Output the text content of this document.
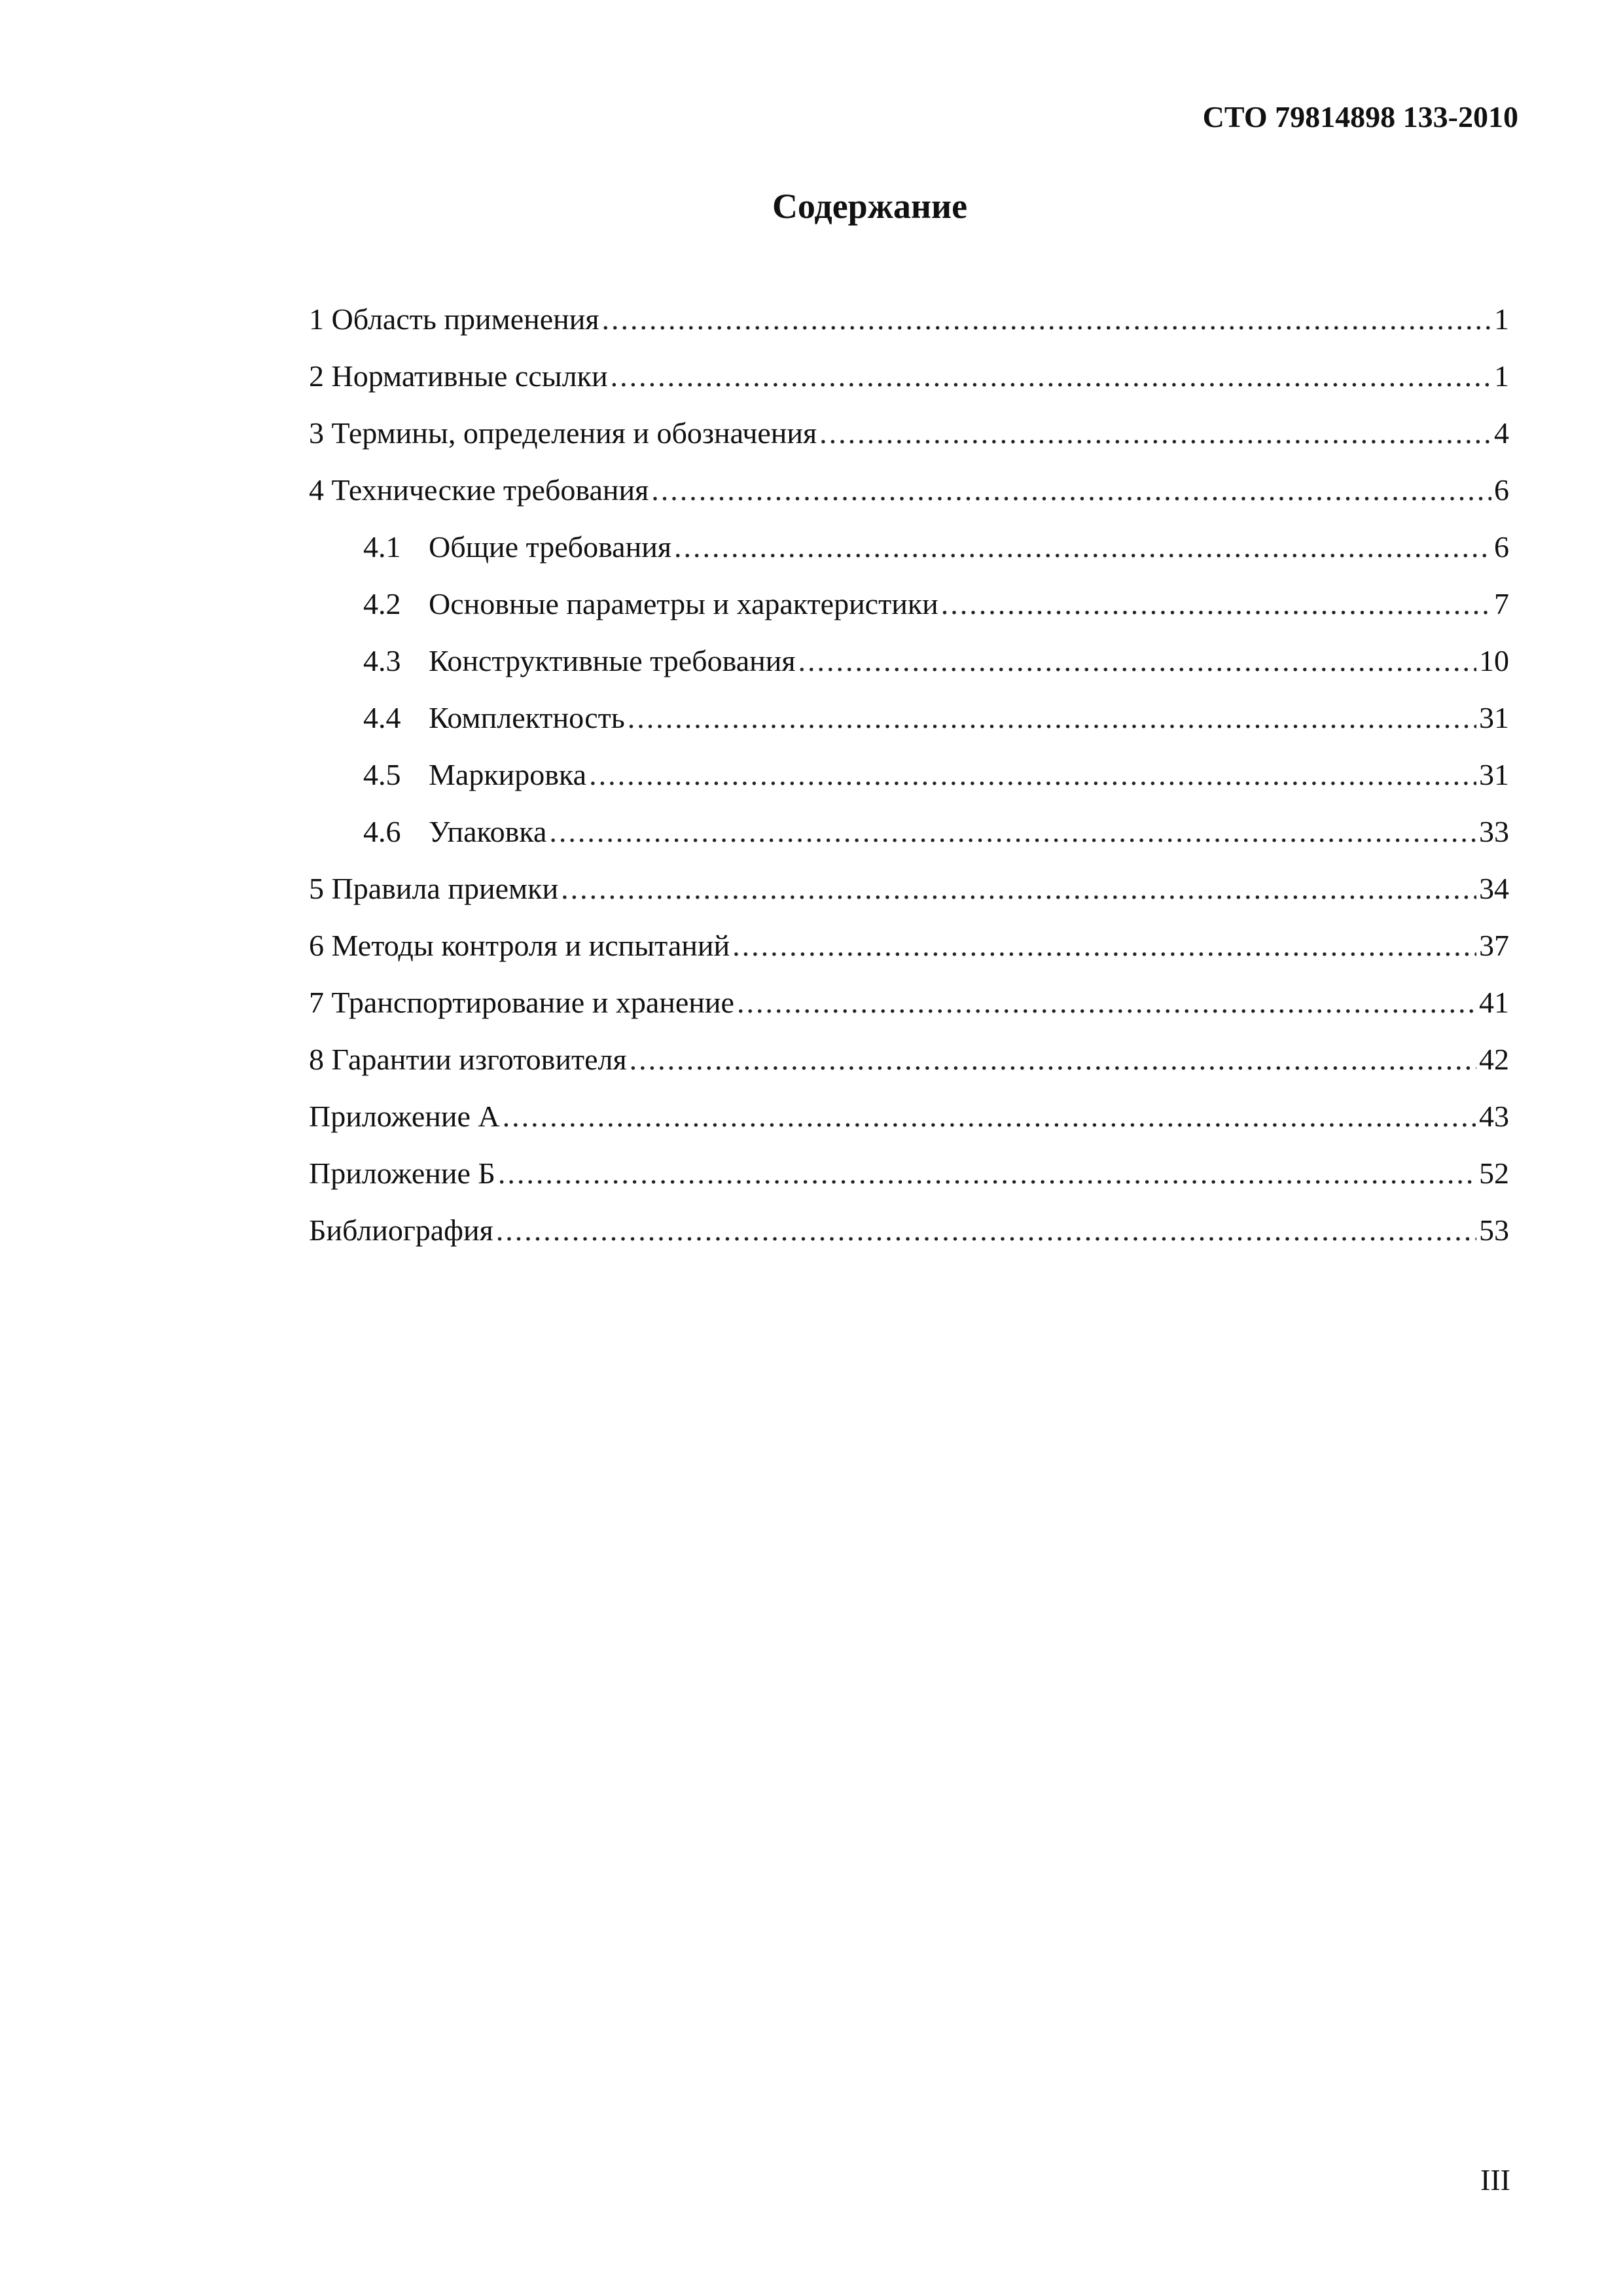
СТО 79814898 133-2010
Содержание
1 Область применения .....	1
2 Нормативные ссылки .....	1
3 Термины, определения и обозначения .....	4
4 Технические требования .....	6
4.1 Общие требования .....	6
4.2 Основные параметры и характеристики .....	7
4.3 Конструктивные требования .....	10
4.4 Комплектность .....	31
4.5 Маркировка .....	31
4.6 Упаковка .....	33
5 Правила приемки .....	34
6 Методы контроля и испытаний .....	37
7 Транспортирование и хранение .....	41
8 Гарантии изготовителя .....	42
Приложение А .....	43
Приложение Б .....	52
Библиография .....	53
III
